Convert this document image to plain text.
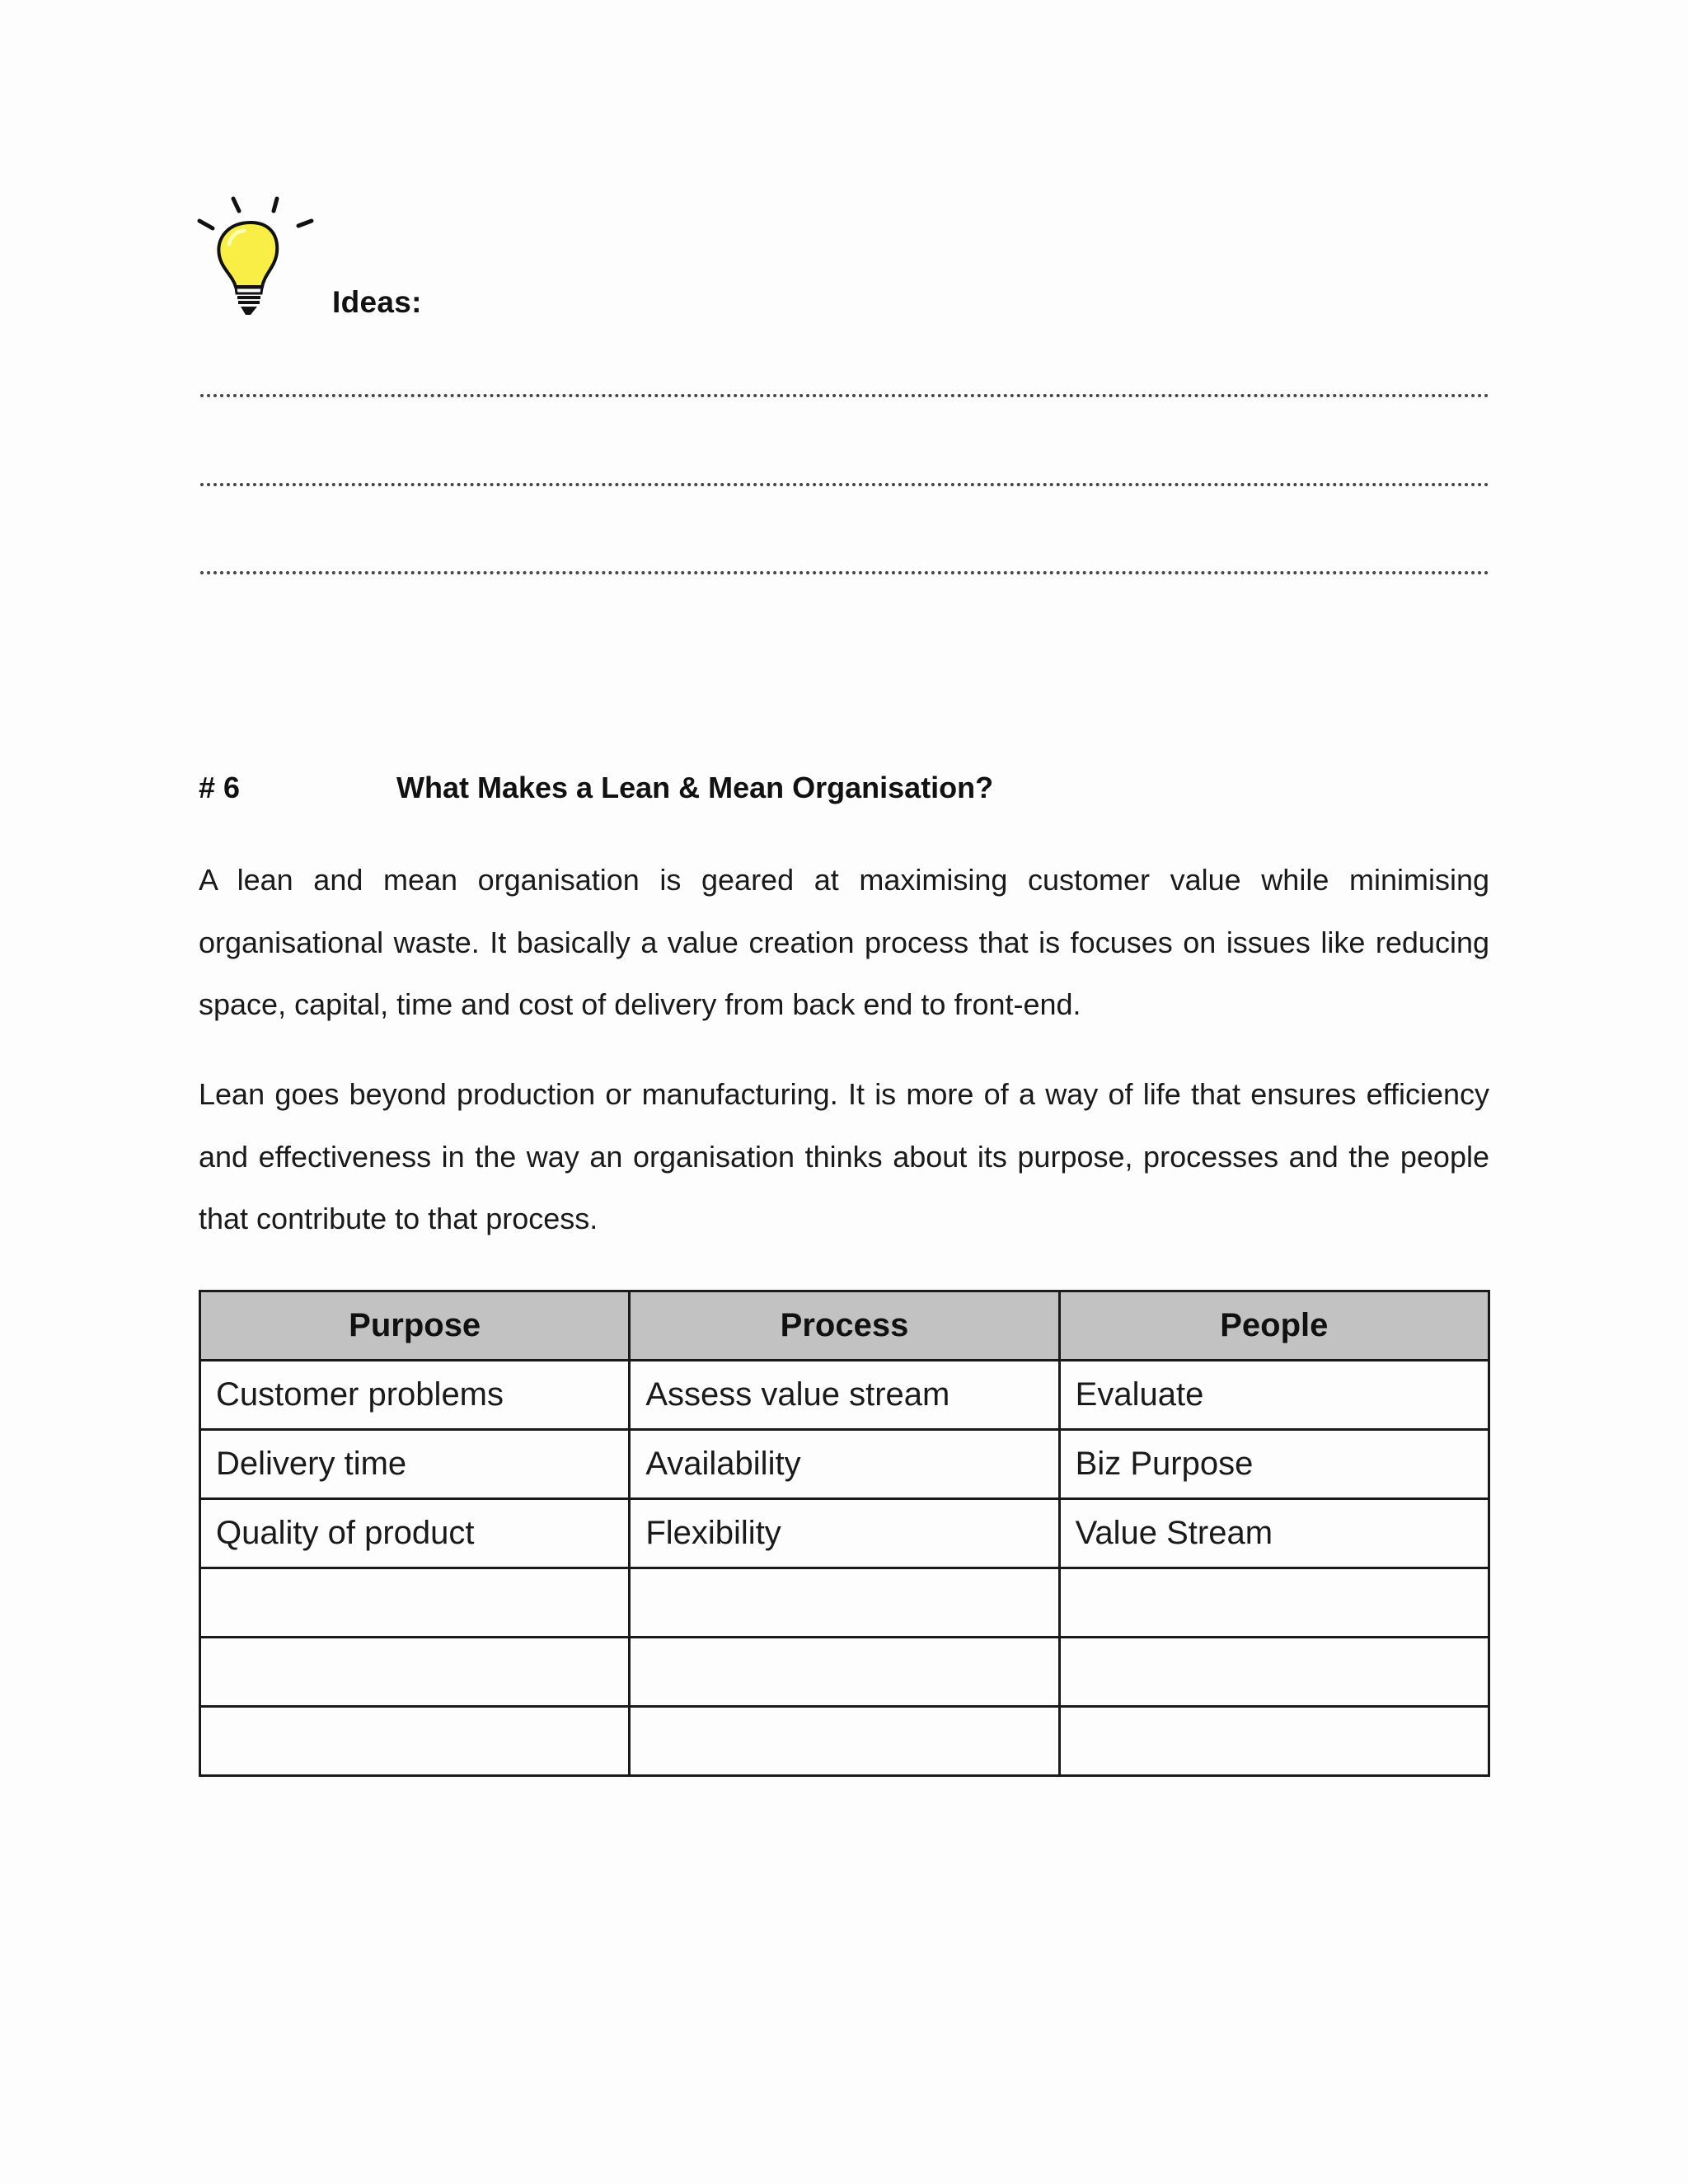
Ideas:
# 6	What Makes a Lean & Mean Organisation?

A lean and mean organisation is geared at maximising customer value while minimising organisational waste. It basically a value creation process that is focuses on issues like reducing space, capital, time and cost of delivery from back end to front-end.

Lean goes beyond production or manufacturing. It is more of a way of life that ensures efficiency and effectiveness in the way an organisation thinks about its purpose, processes and the people that contribute to that process.

Purpose	Process	People
Customer problems	Assess value stream	Evaluate
Delivery time	Availability	Biz Purpose
Quality of product	Flexibility	Value Stream
